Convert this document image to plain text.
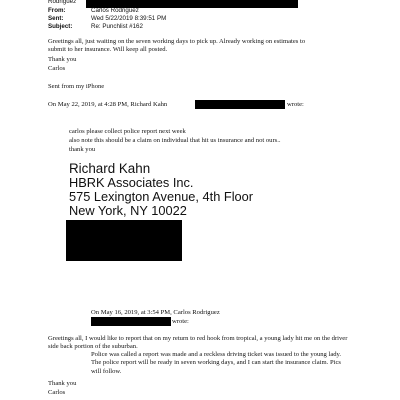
Rodriguez
From:	Carlos Rodriguez
Sent:	Wed 5/22/2019 8:39:51 PM
Subject:	Re: Punchlist #162
Greetings all, just waiting on the seven working days to pick up. Already working on estimates to
submit to her insurance. Will keep all posted.
Thank you
Carlos
Sent from my iPhone
On May 22, 2019, at 4:28 PM, Richard Kahn	wrote:
carlos please collect police report next week
also note this should be a claim on individual that hit us insurance and not ours..
thank you
Richard Kahn
HBRK Associates Inc.
575 Lexington Avenue, 4th Floor
New York, NY 10022
On May 16, 2019, at 3:54 PM, Carlos Rodriguez
wrote:
Greetings all, I would like to report that on my return to red hook from tropical, a young lady hit me on the driver side back portion of the suburban.
Police was called a report was made and a reckless driving ticket was issued to the young lady. The police report will be ready in seven working days, and I can start the insurance claim. Pics will follow.
Thank you
Carlos
